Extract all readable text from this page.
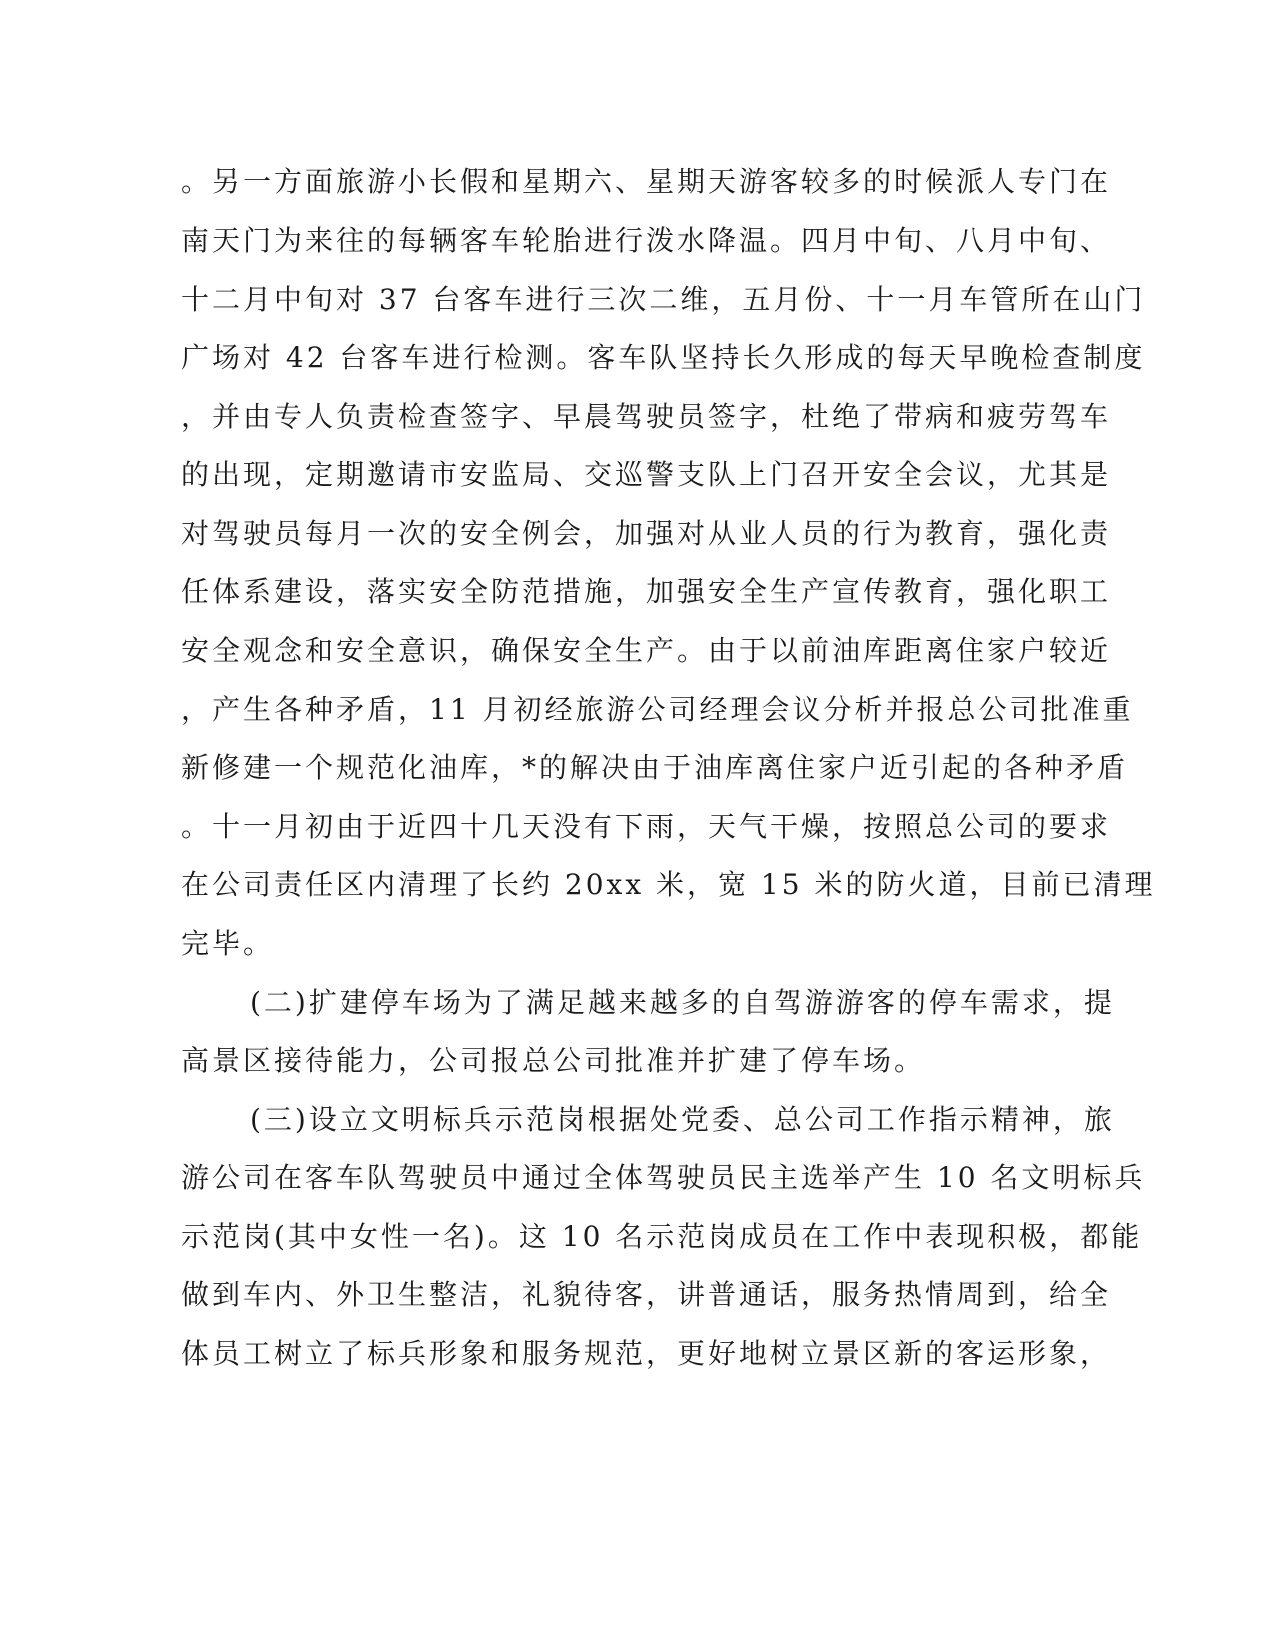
。另一方面旅游小长假和星期六、星期天游客较多的时候派人专门在
南天门为来往的每辆客车轮胎进行泼水降温。四月中旬、八月中旬、
十二月中旬对 37 台客车进行三次二维，五月份、十一月车管所在山门
广场对 42 台客车进行检测。客车队坚持长久形成的每天早晚检查制度
，并由专人负责检查签字、早晨驾驶员签字，杜绝了带病和疲劳驾车
的出现，定期邀请市安监局、交巡警支队上门召开安全会议，尤其是
对驾驶员每月一次的安全例会，加强对从业人员的行为教育，强化责
任体系建设，落实安全防范措施，加强安全生产宣传教育，强化职工
安全观念和安全意识，确保安全生产。由于以前油库距离住家户较近
，产生各种矛盾，11 月初经旅游公司经理会议分析并报总公司批准重
新修建一个规范化油库，*的解决由于油库离住家户近引起的各种矛盾
。十一月初由于近四十几天没有下雨，天气干燥，按照总公司的要求
在公司责任区内清理了长约 20xx 米，宽 15 米的防火道，目前已清理
完毕。
(二)扩建停车场为了满足越来越多的自驾游游客的停车需求，提
高景区接待能力，公司报总公司批准并扩建了停车场。
(三)设立文明标兵示范岗根据处党委、总公司工作指示精神，旅
游公司在客车队驾驶员中通过全体驾驶员民主选举产生 10 名文明标兵
示范岗(其中女性一名)。这 10 名示范岗成员在工作中表现积极，都能
做到车内、外卫生整洁，礼貌待客，讲普通话，服务热情周到，给全
体员工树立了标兵形象和服务规范，更好地树立景区新的客运形象，
